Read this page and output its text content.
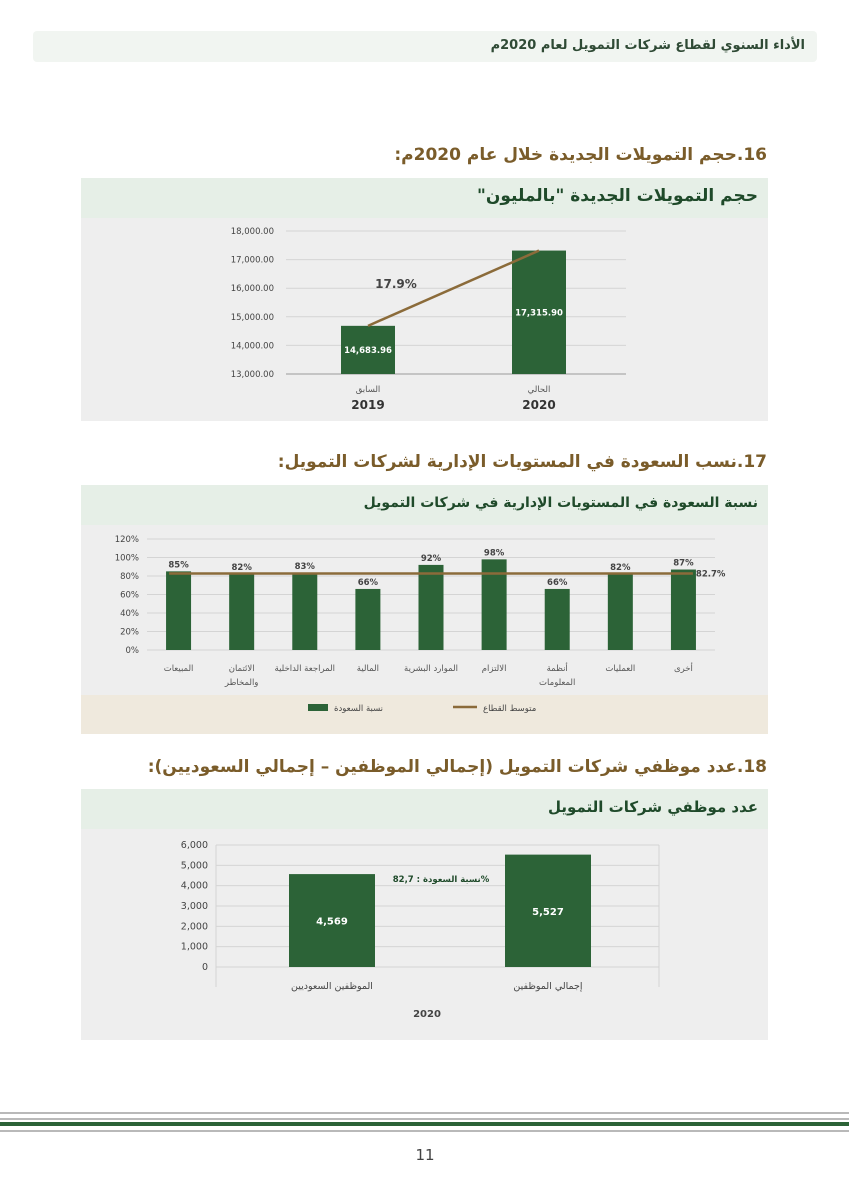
الأداء السنوي لقطاع شركات التمويل لعام 2020م
16.حجم التمويلات الجديدة خلال عام 2020م:
حجم التمويلات الجديدة "بالمليون"
13,000.00
14,000.00
15,000.00
16,000.00
17,000.00
18,000.00
14,683.96
السابق
2019
17,315.90
الحالي
2020
17.9%
17.نسب السعودة في المستويات الإدارية لشركات التمويل:
نسبة السعودة في المستويات الإدارية في شركات التمويل
0%
20%
40%
60%
80%
100%
120%
85%
المبيعات
82%
الائتمان
والمخاطر
83%
المراجعة الداخلية
66%
المالية
92%
الموارد البشرية
98%
الالتزام
66%
أنظمة
المعلومات
82%
العمليات
87%
أخرى
82.7%
نسبة السعودة	متوسط القطاع
18.عدد موظفي شركات التمويل (إجمالي الموظفين – إجمالي السعوديين):
عدد موظفي شركات التمويل
0
1,000
2,000
3,000
4,000
5,000
6,000
4,569
الموظفين السعوديين
5,527
إجمالي الموظفين
نسبة السعودة : 82,7%
2020
11
